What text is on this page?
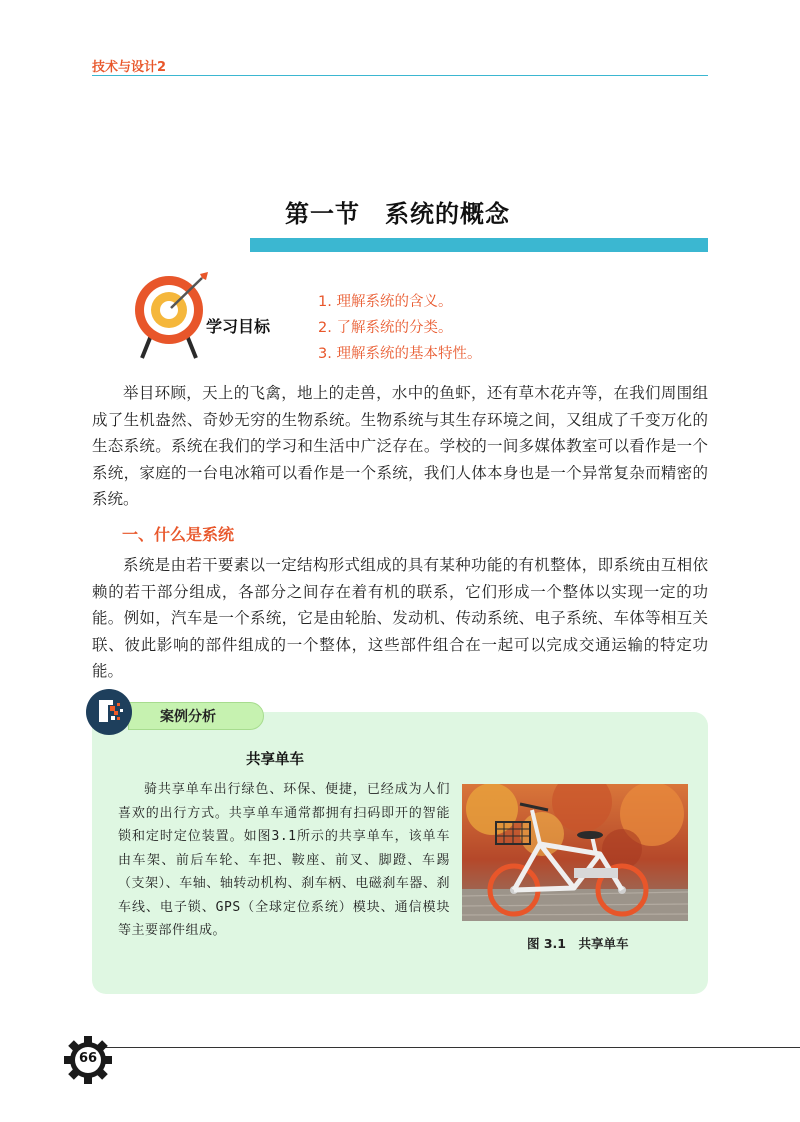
技术与设计2
第一节　系统的概念
学习目标
1. 理解系统的含义。
2. 了解系统的分类。
3. 理解系统的基本特性。

举目环顾，天上的飞禽，地上的走兽，水中的鱼虾，还有草木花卉等，在我们周围组成了生机盎然、奇妙无穷的生物系统。生物系统与其生存环境之间，又组成了千变万化的生态系统。系统在我们的学习和生活中广泛存在。学校的一间多媒体教室可以看作是一个系统，家庭的一台电冰箱可以看作是一个系统，我们人体本身也是一个异常复杂而精密的系统。

一、什么是系统

系统是由若干要素以一定结构形式组成的具有某种功能的有机整体，即系统由互相依赖的若干部分组成，各部分之间存在着有机的联系，它们形成一个整体以实现一定的功能。例如，汽车是一个系统，它是由轮胎、发动机、传动系统、电子系统、车体等相互关联、彼此影响的部件组成的一个整体，这些部件组合在一起可以完成交通运输的特定功能。

案例分析
共享单车

骑共享单车出行绿色、环保、便捷，已经成为人们喜欢的出行方式。共享单车通常都拥有扫码即开的智能锁和定时定位装置。如图3.1所示的共享单车，该单车由车架、前后车轮、车把、鞍座、前叉、脚蹬、车踢（支架）、车轴、轴转动机构、刹车柄、电磁刹车器、刹车线、电子锁、GPS（全球定位系统）模块、通信模块等主要部件组成。

图 3.1　共享单车
66
